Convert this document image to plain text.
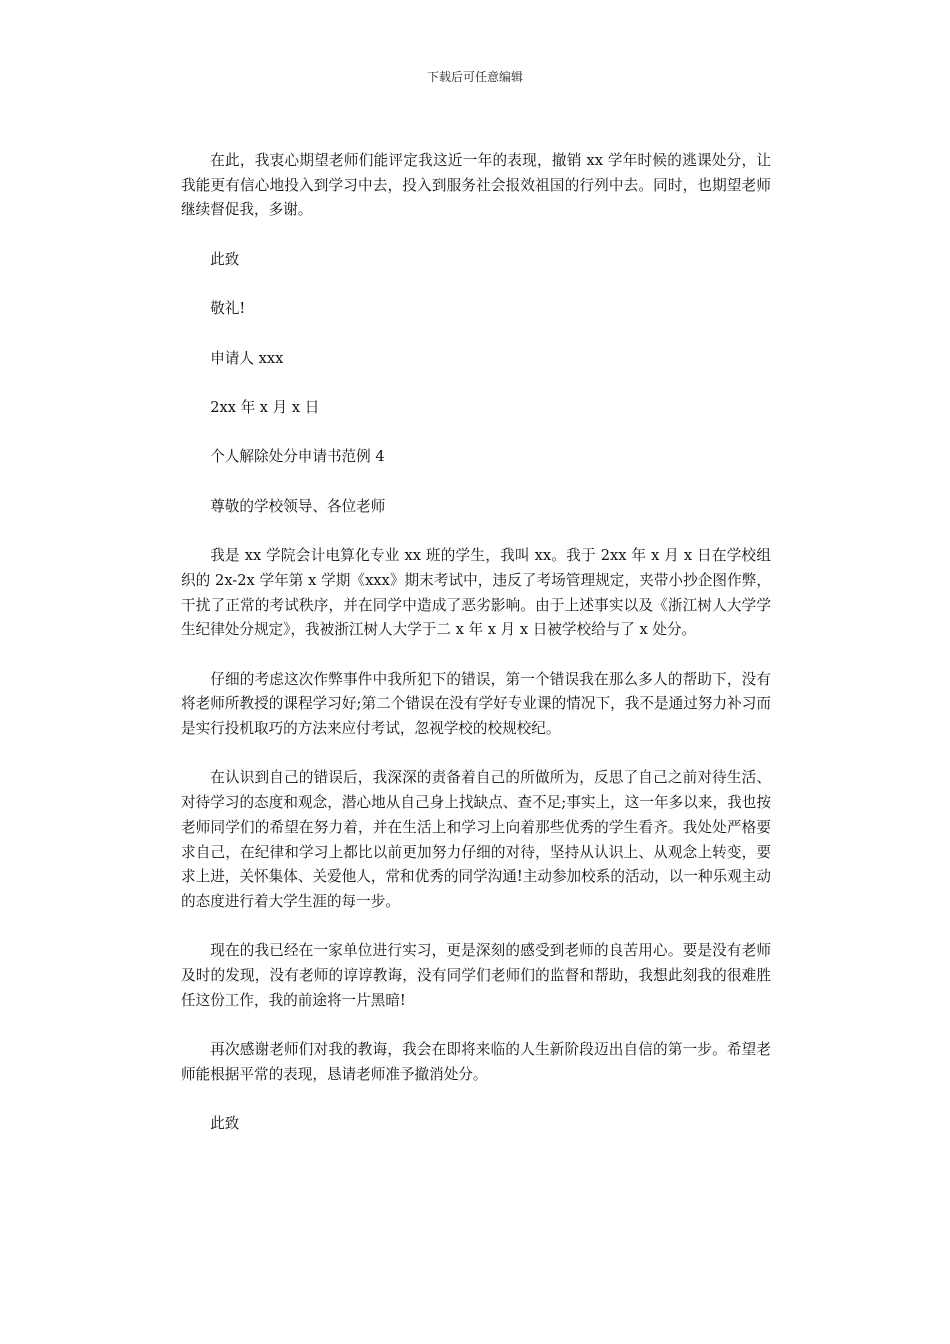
下载后可任意编辑

在此，我衷心期望老师们能评定我这近一年的表现，撤销 xx 学年时候的逃课处分，让我能更有信心地投入到学习中去，投入到服务社会报效祖国的行列中去。同时，也期望老师继续督促我，多谢。

此致

敬礼!

申请人 xxx

2xx 年 x 月 x 日

个人解除处分申请书范例 4

尊敬的学校领导、各位老师

我是 xx 学院会计电算化专业 xx 班的学生，我叫 xx。我于 2xx 年 x 月 x 日在学校组织的 2x-2x 学年第 x 学期《xxx》期末考试中，违反了考场管理规定，夹带小抄企图作弊，干扰了正常的考试秩序，并在同学中造成了恶劣影响。由于上述事实以及《浙江树人大学学生纪律处分规定》，我被浙江树人大学于二 x 年 x 月 x 日被学校给与了 x 处分。

仔细的考虑这次作弊事件中我所犯下的错误，第一个错误我在那么多人的帮助下，没有将老师所教授的课程学习好;第二个错误在没有学好专业课的情况下，我不是通过努力补习而是实行投机取巧的方法来应付考试，忽视学校的校规校纪。

在认识到自己的错误后，我深深的责备着自己的所做所为，反思了自己之前对待生活、对待学习的态度和观念，潜心地从自己身上找缺点、查不足;事实上，这一年多以来，我也按老师同学们的希望在努力着，并在生活上和学习上向着那些优秀的学生看齐。我处处严格要求自己，在纪律和学习上都比以前更加努力仔细的对待，坚持从认识上、从观念上转变，要求上进，关怀集体、关爱他人，常和优秀的同学沟通!主动参加校系的活动，以一种乐观主动的态度进行着大学生涯的每一步。

现在的我已经在一家单位进行实习，更是深刻的感受到老师的良苦用心。要是没有老师及时的发现，没有老师的谆谆教诲，没有同学们老师们的监督和帮助，我想此刻我的很难胜任这份工作，我的前途将一片黑暗!

再次感谢老师们对我的教诲，我会在即将来临的人生新阶段迈出自信的第一步。希望老师能根据平常的表现，恳请老师准予撤消处分。

此致
